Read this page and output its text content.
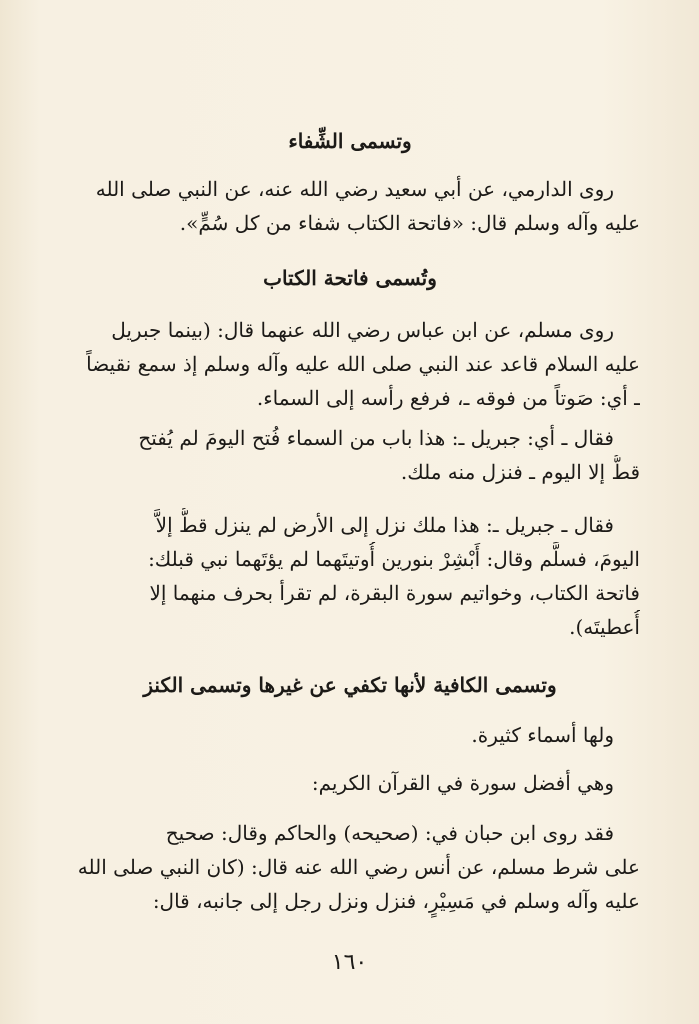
وتسمى الشِّفاء
روى الدارمي، عن أبي سعيد رضي الله عنه، عن النبي صلى الله
عليه وآله وسلم قال: «فاتحة الكتاب شفاء من كل سُمٍّ».
وتُسمى فاتحة الكتاب
روى مسلم، عن ابن عباس رضي الله عنهما قال: (بينما جبريل
عليه السلام قاعد عند النبي صلى الله عليه وآله وسلم إذ سمع نقيضاً
ـ أي: صَوتاً من فوقه ـ، فرفع رأسه إلى السماء.
فقال ـ أي: جبريل ـ: هذا باب من السماء فُتح اليومَ لم يُفتح
قطُّ إلا اليوم ـ فنزل منه ملك.
فقال ـ جبريل ـ: هذا ملك نزل إلى الأرض لم ينزل قطُّ إلاَّ
اليومَ، فسلَّم وقال: أَبْشِرْ بنورين أُوتيتَهما لم يؤتَهما نبي قبلك:
فاتحة الكتاب، وخواتيم سورة البقرة، لم تقرأ بحرف منهما إلا
أُعطيتَه).
وتسمى الكافية لأنها تكفي عن غيرها وتسمى الكنز
ولها أسماء كثيرة.
وهي أفضل سورة في القرآن الكريم:
فقد روى ابن حبان في: (صحيحه) والحاكم وقال: صحيح
على شرط مسلم، عن أنس رضي الله عنه قال: (كان النبي صلى الله
عليه وآله وسلم في مَسِيْرٍ، فنزل ونزل رجل إلى جانبه، قال:
١٦٠
